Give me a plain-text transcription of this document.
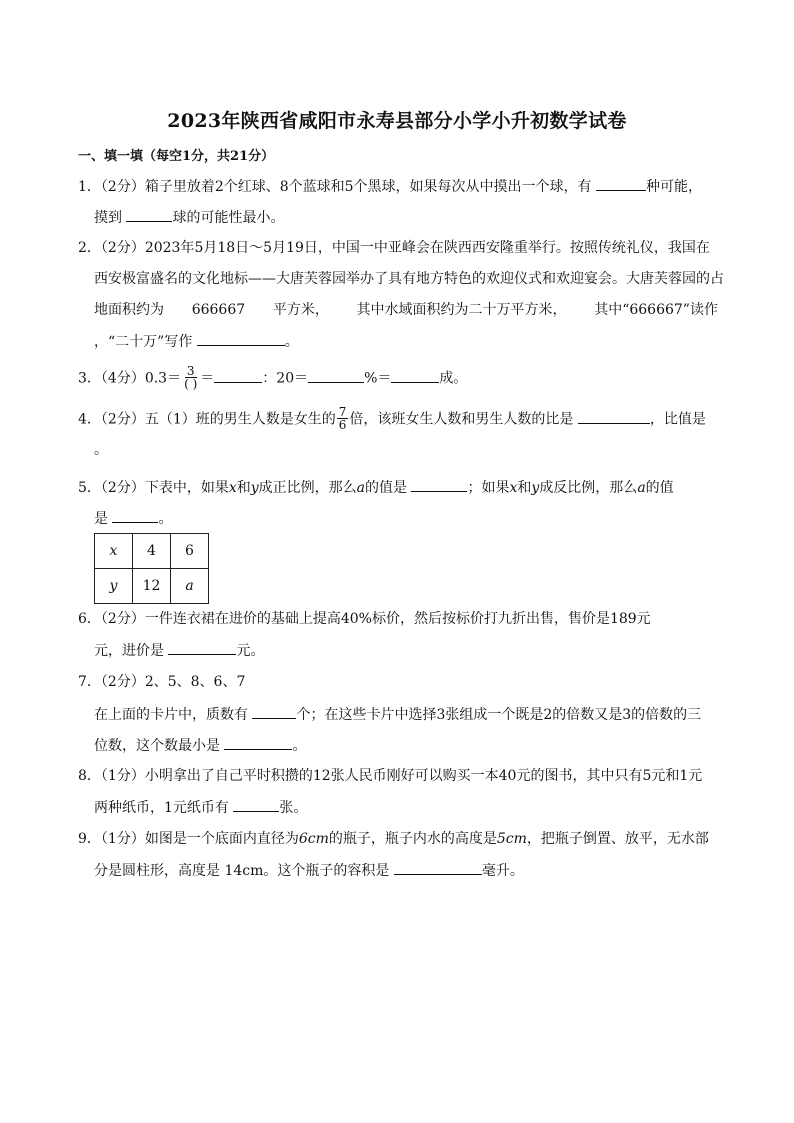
2023年陕西省咸阳市永寿县部分小学小升初数学试卷
一、填一填（每空1分，共21分）
1．（2分）箱子里放着2个红球、8个蓝球和5个黑球，如果每次从中摸出一个球，有	种可能，
摸到	球的可能性最小。
2．（2分）2023年5月18日～5月19日，中国一中亚峰会在陕西西安隆重举行。按照传统礼仪，我国在
西安极富盛名的文化地标——大唐芙蓉园举办了具有地方特色的欢迎仪式和欢迎宴会。大唐芙蓉园的占
地面积约为 666667 平方米， 其中水域面积约为二十万平方米， 其中“666667”读作
，“二十万”写作	。
3．（4分）$0.3= \frac{3}{( )}$ ＝	：20＝	%＝	成。
4．（2分）五（1）班的男生人数是女生的 $\frac{7}{6}$ 倍，该班女生人数和男生人数的比是	，比值是
。
5．（2分）下表中，如果x和y成正比例，那么a的值是	；如果x和y成反比例，那么a的值
是	。
x	4	6
y	12	a
6．（2分）一件连衣裙在进价的基础上提高40%标价，然后按标价打九折出售，售价是189元
元，进价是	元。
7．（2分）2、5、8、6、7
在上面的卡片中，质数有	个；在这些卡片中选择3张组成一个既是2的倍数又是3的倍数的三
位数，这个数最小是	。
8．（1分）小明拿出了自己平时积攒的12张人民币刚好可以购买一本40元的图书，其中只有5元和1元
两种纸币，1元纸币有	张。
9．（1分）如图是一个底面内直径为6cm的瓶子，瓶子内水的高度是5cm，把瓶子倒置、放平，无水部
分是圆柱形，高度是 14cm。这个瓶子的容积是	毫升。
